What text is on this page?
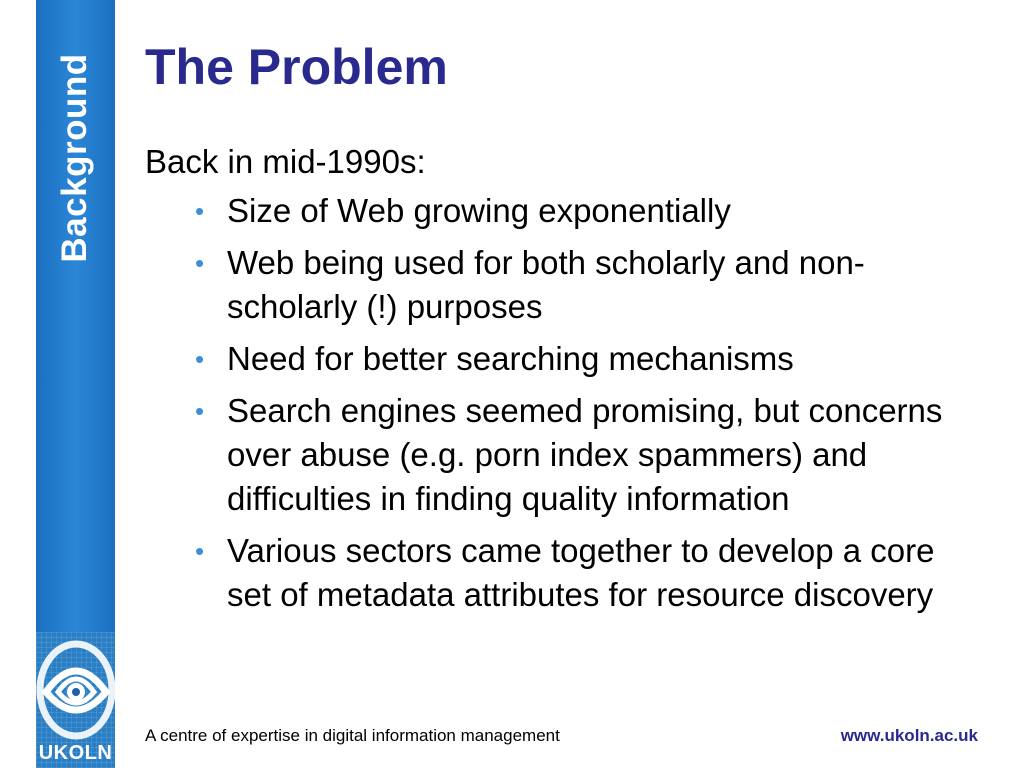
Background
UKOLN
The Problem

Back in mid-1990s:

• Size of Web growing exponentially
• Web being used for both scholarly and non-scholarly (!) purposes
• Need for better searching mechanisms
• Search engines seemed promising, but concerns over abuse (e.g. porn index spammers) and difficulties in finding quality information
• Various sectors came together to develop a core set of metadata attributes for resource discovery
A centre of expertise in digital information management	www.ukoln.ac.uk
